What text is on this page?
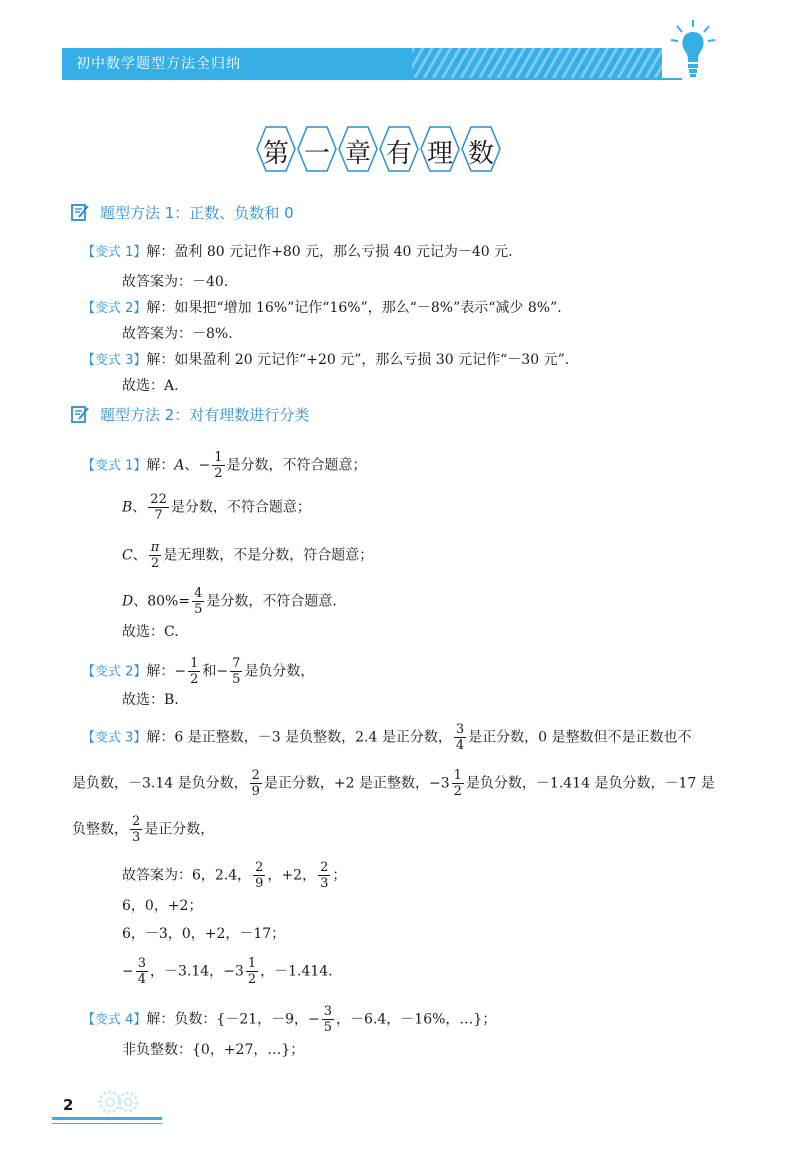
初中数学题型方法全归纳
第 一 章 有 理 数
题型方法 1：正数、负数和 0
【变式 1】解：盈利 80 元记作+80 元，那么亏损 40 元记为－40 元.
故答案为：－40.
【变式 2】解：如果把“增加 16%”记作“16%”，那么“－8%”表示“减少 8%”.
故答案为：－8%.
【变式 3】解：如果盈利 20 元记作“+20 元”，那么亏损 30 元记作“－30 元”.
故选：A.
题型方法 2：对有理数进行分类
【变式 1】解：A、− $\frac{1}{2}$ 是分数，不符合题意；
B、 $\frac{22}{7}$ 是分数，不符合题意；
C、 $\frac{\pi}{2}$ 是无理数，不是分数，符合题意；
D、$80\%= \frac{4}{5}$ 是分数，不符合题意.
故选：C.
【变式 2】解：− $\frac{1}{2}$ 和− $\frac{7}{5}$ 是负分数，
故选：B.
【变式 3】解：6 是正整数，－3 是负整数，2.4 是正分数， $\frac{3}{4}$ 是正分数，0 是整数但不是正数也不
是负数，－3.14 是负分数， $\frac{2}{9}$ 是正分数，+2 是正整数，$-3 \frac{1}{2}$ 是负分数，－1.414 是负分数，－17 是
负整数， $\frac{2}{3}$ 是正分数，
故答案为：6，2.4， $\frac{2}{9}$ ，+2， $\frac{2}{3}$ ；
6，0，+2；
6，－3，0，+2，－17；
− $\frac{3}{4}$ ，－3.14，$-3 \frac{1}{2}$ ，－1.414.
【变式 4】解：负数：{－21，－9，− $\frac{3}{5}$ ，－6.4，－16%，…}；
非负整数：{0，+27，…}；
2
